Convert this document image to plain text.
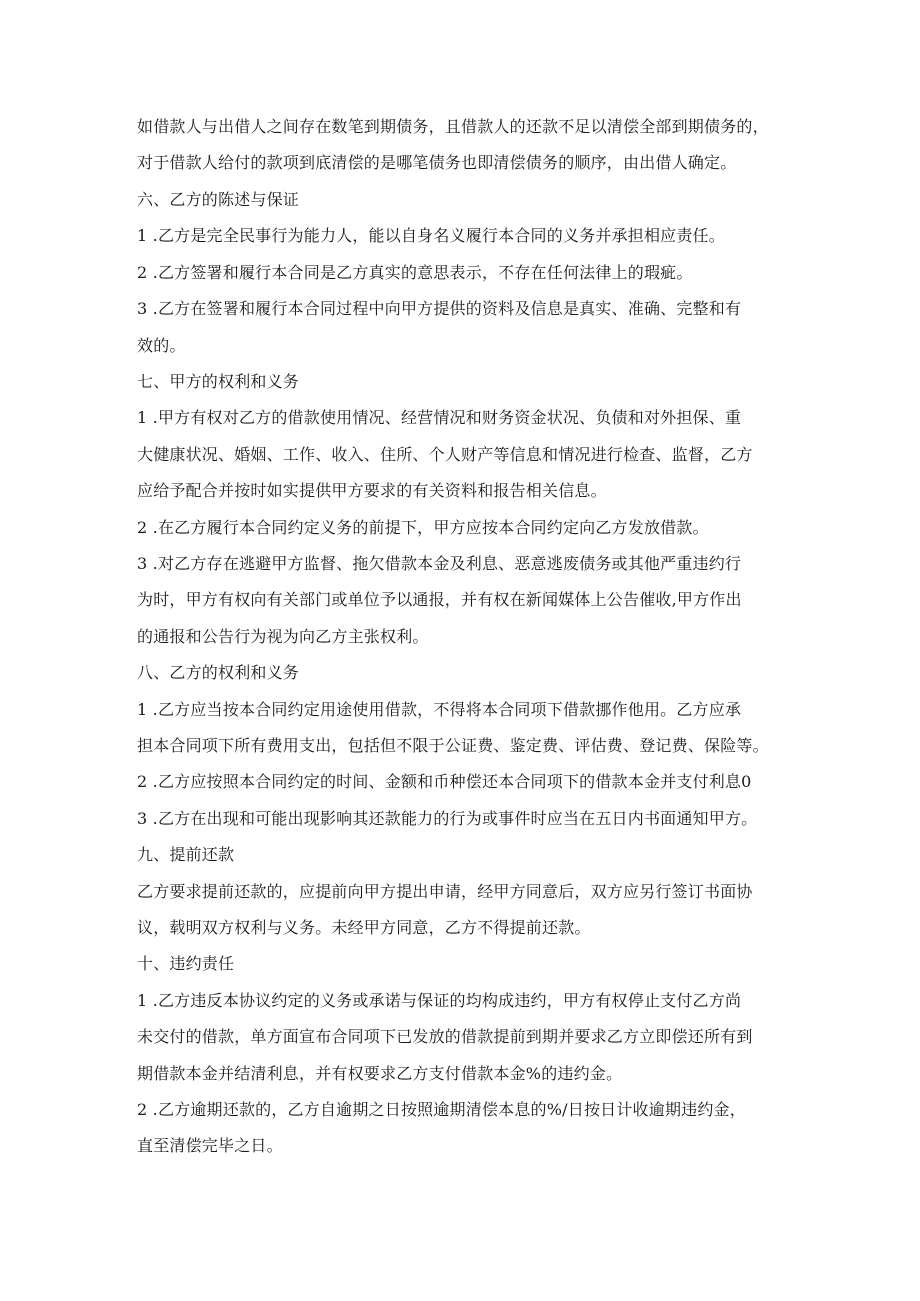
如借款人与出借人之间存在数笔到期债务，且借款人的还款不足以清偿全部到期债务的，
对于借款人给付的款项到底清偿的是哪笔债务也即清偿债务的顺序，由出借人确定。
六、乙方的陈述与保证
1 .乙方是完全民事行为能力人，能以自身名义履行本合同的义务并承担相应责任。
2 .乙方签署和履行本合同是乙方真实的意思表示，不存在任何法律上的瑕疵。
3 .乙方在签署和履行本合同过程中向甲方提供的资料及信息是真实、准确、完整和有
效的。
七、甲方的权利和义务
1 .甲方有权对乙方的借款使用情况、经营情况和财务资金状况、负债和对外担保、重
大健康状况、婚姻、工作、收入、住所、个人财产等信息和情况进行检查、监督，乙方
应给予配合并按时如实提供甲方要求的有关资料和报告相关信息。
2 .在乙方履行本合同约定义务的前提下，甲方应按本合同约定向乙方发放借款。
3 .对乙方存在逃避甲方监督、拖欠借款本金及利息、恶意逃废债务或其他严重违约行
为时，甲方有权向有关部门或单位予以通报，并有权在新闻媒体上公告催收,甲方作出
的通报和公告行为视为向乙方主张权利。
八、乙方的权利和义务
1 .乙方应当按本合同约定用途使用借款，不得将本合同项下借款挪作他用。乙方应承
担本合同项下所有费用支出，包括但不限于公证费、鉴定费、评估费、登记费、保险等。
2 .乙方应按照本合同约定的时间、金额和币种偿还本合同项下的借款本金并支付利息0
3 .乙方在出现和可能出现影响其还款能力的行为或事件时应当在五日内书面通知甲方。
九、提前还款
乙方要求提前还款的，应提前向甲方提出申请，经甲方同意后，双方应另行签订书面协
议，载明双方权利与义务。未经甲方同意，乙方不得提前还款。
十、违约责任
1 .乙方违反本协议约定的义务或承诺与保证的均构成违约，甲方有权停止支付乙方尚
未交付的借款，单方面宣布合同项下已发放的借款提前到期并要求乙方立即偿还所有到
期借款本金并结清利息，并有权要求乙方支付借款本金%的违约金。
2 .乙方逾期还款的，乙方自逾期之日按照逾期清偿本息的%/日按日计收逾期违约金，
直至清偿完毕之日。
